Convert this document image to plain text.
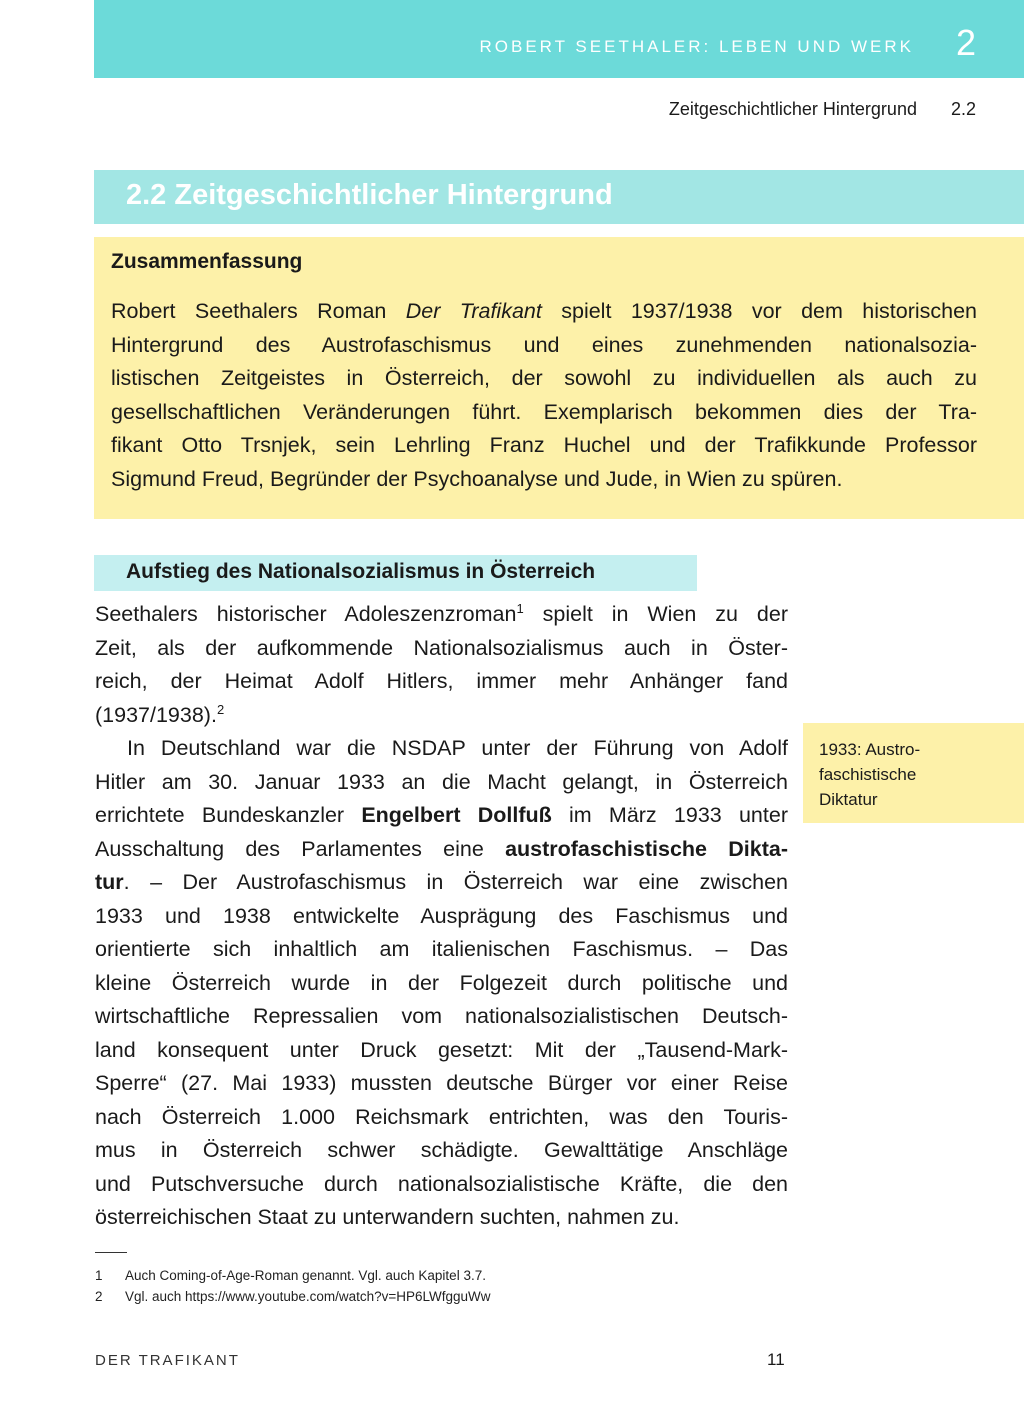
ROBERT SEETHALER: LEBEN UND WERK 2
Zeitgeschichtlicher Hintergrund 2.2
2.2 Zeitgeschichtlicher Hintergrund
Zusammenfassung
Robert Seethalers Roman Der Trafikant spielt 1937/1938 vor dem historischen
Hintergrund des Austrofaschismus und eines zunehmenden nationalsozia-
listischen Zeitgeistes in Österreich, der sowohl zu individuellen als auch zu
gesellschaftlichen Veränderungen führt. Exemplarisch bekommen dies der Tra-
fikant Otto Trsnjek, sein Lehrling Franz Huchel und der Trafikkunde Professor
Sigmund Freud, Begründer der Psychoanalyse und Jude, in Wien zu spüren.
Aufstieg des Nationalsozialismus in Österreich
Seethalers historischer Adoleszenzroman$^1$ spielt in Wien zu der
Zeit, als der aufkommende Nationalsozialismus auch in Öster-
reich, der Heimat Adolf Hitlers, immer mehr Anhänger fand
(1937/1938).$^2$
In Deutschland war die NSDAP unter der Führung von Adolf
Hitler am 30. Januar 1933 an die Macht gelangt, in Österreich
errichtete Bundeskanzler Engelbert Dollfuß im März 1933 unter
Ausschaltung des Parlamentes eine austrofaschistische Dikta-
tur. – Der Austrofaschismus in Österreich war eine zwischen
1933 und 1938 entwickelte Ausprägung des Faschismus und
orientierte sich inhaltlich am italienischen Faschismus. – Das
kleine Österreich wurde in der Folgezeit durch politische und
wirtschaftliche Repressalien vom nationalsozialistischen Deutsch-
land konsequent unter Druck gesetzt: Mit der „Tausend-Mark-
Sperre“ (27. Mai 1933) mussten deutsche Bürger vor einer Reise
nach Österreich 1.000 Reichsmark entrichten, was den Touris-
mus in Österreich schwer schädigte. Gewalttätige Anschläge
und Putschversuche durch nationalsozialistische Kräfte, die den
österreichischen Staat zu unterwandern suchten, nahmen zu.
1933: Austro-
faschistische
Diktatur
1 Auch Coming-of-Age-Roman genannt. Vgl. auch Kapitel 3.7.
2 Vgl. auch https://www.youtube.com/watch?v=HP6LWfgguWw
DER TRAFIKANT	11
